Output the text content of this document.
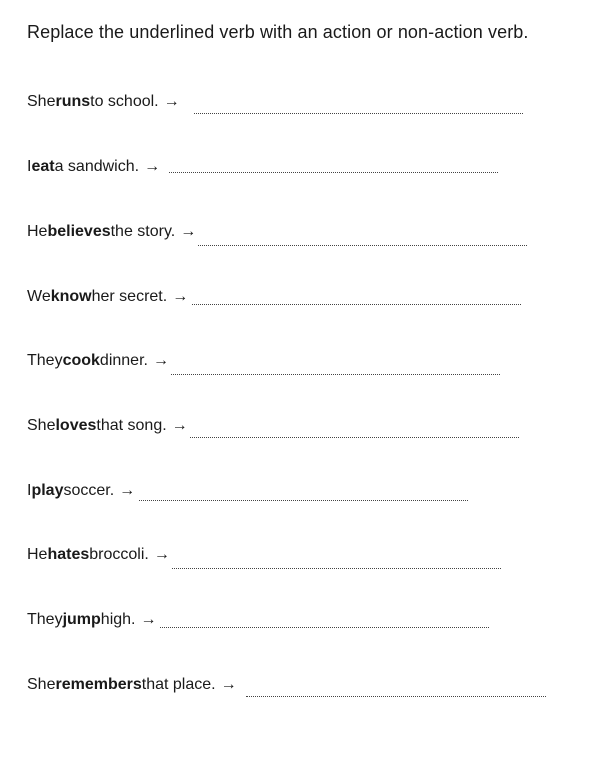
Replace the underlined verb with an action or non-action verb.
She runs to school. →
I eat a sandwich. →
He believes the story. →
We know her secret. →
They cook dinner. →
She loves that song. →
I play soccer. →
He hates broccoli. →
They jump high. →
She remembers that place. →
